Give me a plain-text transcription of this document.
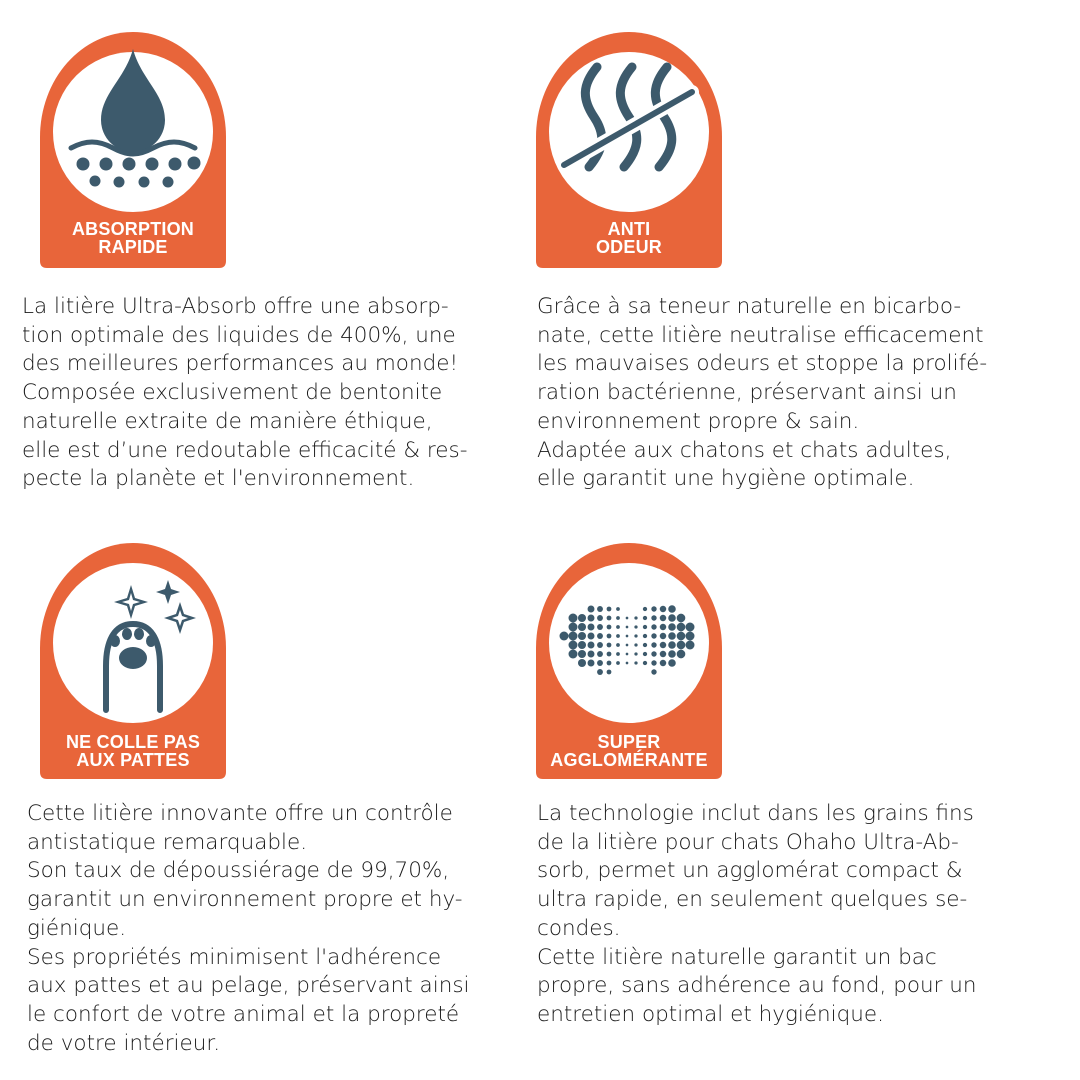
ABSORPTION
RAPIDE
La litière Ultra-Absorb offre une absorp-
tion optimale des liquides de 400%, une
des meilleures performances au monde!
Composée exclusivement de bentonite
naturelle extraite de manière éthique,
elle est d’une redoutable efficacité & res-
pecte la planète et l'environnement.
ANTI
ODEUR
Grâce à sa teneur naturelle en bicarbo-
nate, cette litière neutralise efficacement
les mauvaises odeurs et stoppe la prolifé-
ration bactérienne, préservant ainsi un
environnement propre & sain.
Adaptée aux chatons et chats adultes,
elle garantit une hygiène optimale.
NE COLLE PAS
AUX PATTES
Cette litière innovante offre un contrôle
antistatique remarquable.
Son taux de dépoussiérage de 99,70%,
garantit un environnement propre et hy-
giénique.
Ses propriétés minimisent l'adhérence
aux pattes et au pelage, préservant ainsi
le confort de votre animal et la propreté
de votre intérieur.
SUPER
AGGLOMÉRANTE
La technologie inclut dans les grains fins
de la litière pour chats Ohaho Ultra-Ab-
sorb, permet un agglomérat compact &
ultra rapide, en seulement quelques se-
condes.
Cette litière naturelle garantit un bac
propre, sans adhérence au fond, pour un
entretien optimal et hygiénique.
